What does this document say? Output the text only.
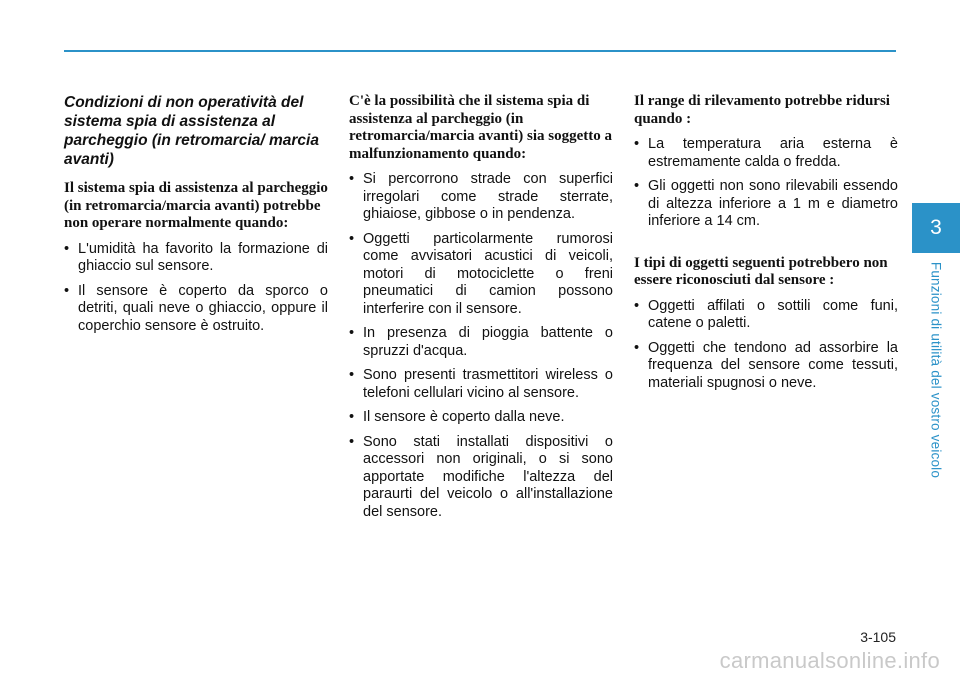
Condizioni di non operatività del sistema spia di assistenza al parcheggio (in retromarcia/ marcia avanti)
Il sistema spia di assistenza al parcheggio (in retromarcia/marcia avanti) potrebbe non operare normalmente quando:
• L'umidità ha favorito la formazione di ghiaccio sul sensore.
• Il sensore è coperto da sporco o detriti, quali neve o ghiaccio, oppure il coperchio sensore è ostruito.
C'è la possibilità che il sistema spia di assistenza al parcheggio (in retromarcia/marcia avanti) sia soggetto a malfunzionamento quando:
• Si percorrono strade con superfici irregolari come strade sterrate, ghiaiose, gibbose o in pendenza.
• Oggetti particolarmente rumorosi come avvisatori acustici di veicoli, motori di motociclette o freni pneumatici di camion possono interferire con il sensore.
• In presenza di pioggia battente o spruzzi d'acqua.
• Sono presenti trasmettitori wireless o telefoni cellulari vicino al sensore.
• Il sensore è coperto dalla neve.
• Sono stati installati dispositivi o accessori non originali, o si sono apportate modifiche l'altezza del paraurti del veicolo o all'installazione del sensore.
Il range di rilevamento potrebbe ridursi quando :
• La temperatura aria esterna è estremamente calda o fredda.
• Gli oggetti non sono rilevabili essendo di altezza inferiore a 1 m e diametro inferiore a 14 cm.
I tipi di oggetti seguenti potrebbero non essere riconosciuti dal sensore :
• Oggetti affilati o sottili come funi, catene o paletti.
• Oggetti che tendono ad assorbire la frequenza del sensore come tessuti, materiali spugnosi o neve.
3
Funzioni di utilità del vostro veicolo
3-105
carmanualsonline.info
